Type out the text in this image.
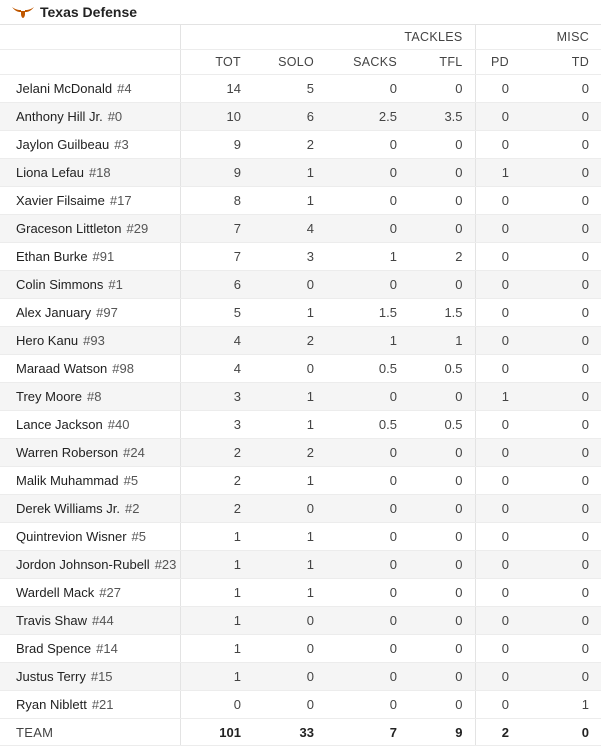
Texas Defense
	TACKLES				MISC	
	TOT	SOLO	SACKS	TFL	PD	TD
Jelani McDonald #4	14	5	0	0	0	0
Anthony Hill Jr. #0	10	6	2.5	3.5	0	0
Jaylon Guilbeau #3	9	2	0	0	0	0
Liona Lefau #18	9	1	0	0	1	0
Xavier Filsaime #17	8	1	0	0	0	0
Graceson Littleton #29	7	4	0	0	0	0
Ethan Burke #91	7	3	1	2	0	0
Colin Simmons #1	6	0	0	0	0	0
Alex January #97	5	1	1.5	1.5	0	0
Hero Kanu #93	4	2	1	1	0	0
Maraad Watson #98	4	0	0.5	0.5	0	0
Trey Moore #8	3	1	0	0	1	0
Lance Jackson #40	3	1	0.5	0.5	0	0
Warren Roberson #24	2	2	0	0	0	0
Malik Muhammad #5	2	1	0	0	0	0
Derek Williams Jr. #2	2	0	0	0	0	0
Quintrevion Wisner #5	1	1	0	0	0	0
Jordon Johnson-Rubell #23	1	1	0	0	0	0
Wardell Mack #27	1	1	0	0	0	0
Travis Shaw #44	1	0	0	0	0	0
Brad Spence #14	1	0	0	0	0	0
Justus Terry #15	1	0	0	0	0	0
Ryan Niblett #21	0	0	0	0	0	1
TEAM	101	33	7	9	2	0
